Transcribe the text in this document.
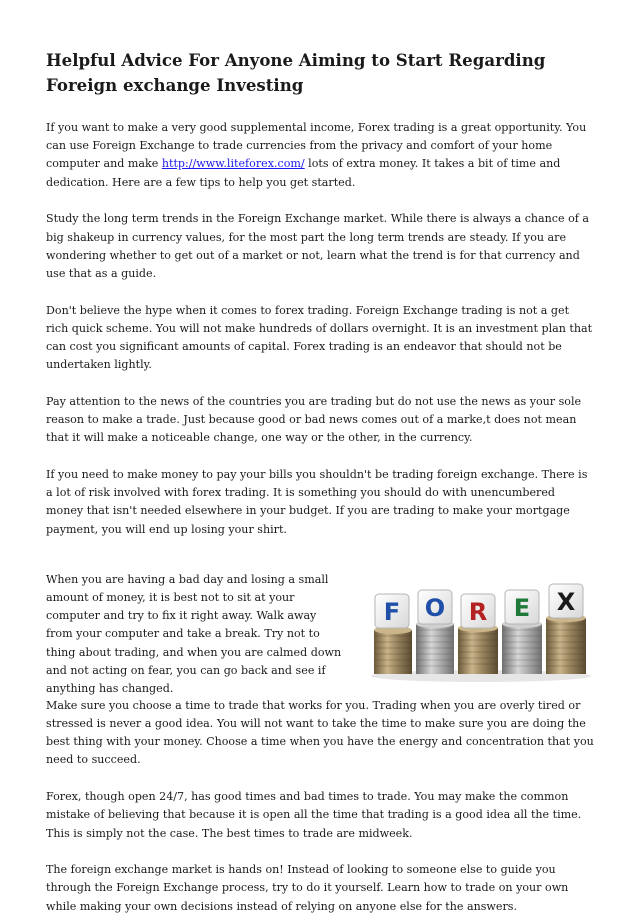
Helpful Advice For Anyone Aiming to Start Regarding Foreign exchange Investing

If you want to make a very good supplemental income, Forex trading is a great opportunity. You can use Foreign Exchange to trade currencies from the privacy and comfort of your home computer and make http://www.liteforex.com/ lots of extra money. It takes a bit of time and dedication. Here are a few tips to help you get started.

Study the long term trends in the Foreign Exchange market. While there is always a chance of a big shakeup in currency values, for the most part the long term trends are steady. If you are wondering whether to get out of a market or not, learn what the trend is for that currency and use that as a guide.

Don't believe the hype when it comes to forex trading. Foreign Exchange trading is not a get rich quick scheme. You will not make hundreds of dollars overnight. It is an investment plan that can cost you significant amounts of capital. Forex trading is an endeavor that should not be undertaken lightly.

Pay attention to the news of the countries you are trading but do not use the news as your sole reason to make a trade. Just because good or bad news comes out of a marke,t does not mean that it will make a noticeable change, one way or the other, in the currency.

If you need to make money to pay your bills you shouldn't be trading foreign exchange. There is a lot of risk involved with forex trading. It is something you should do with unencumbered money that isn't needed elsewhere in your budget. If you are trading to make your mortgage payment, you will end up losing your shirt.

When you are having a bad day and losing a small amount of money, it is best not to sit at your computer and try to fix it right away. Walk away from your computer and take a break. Try not to thing about trading, and when you are calmed down and not acting on fear, you can go back and see if anything has changed.

F O R E X

Make sure you choose a time to trade that works for you. Trading when you are overly tired or stressed is never a good idea. You will not want to take the time to make sure you are doing the best thing with your money. Choose a time when you have the energy and concentration that you need to succeed.

Forex, though open 24/7, has good times and bad times to trade. You may make the common mistake of believing that because it is open all the time that trading is a good idea all the time. This is simply not the case. The best times to trade are midweek.

The foreign exchange market is hands on! Instead of looking to someone else to guide you through the Foreign Exchange process, try to do it yourself. Learn how to trade on your own while making your own decisions instead of relying on anyone else for the answers.
